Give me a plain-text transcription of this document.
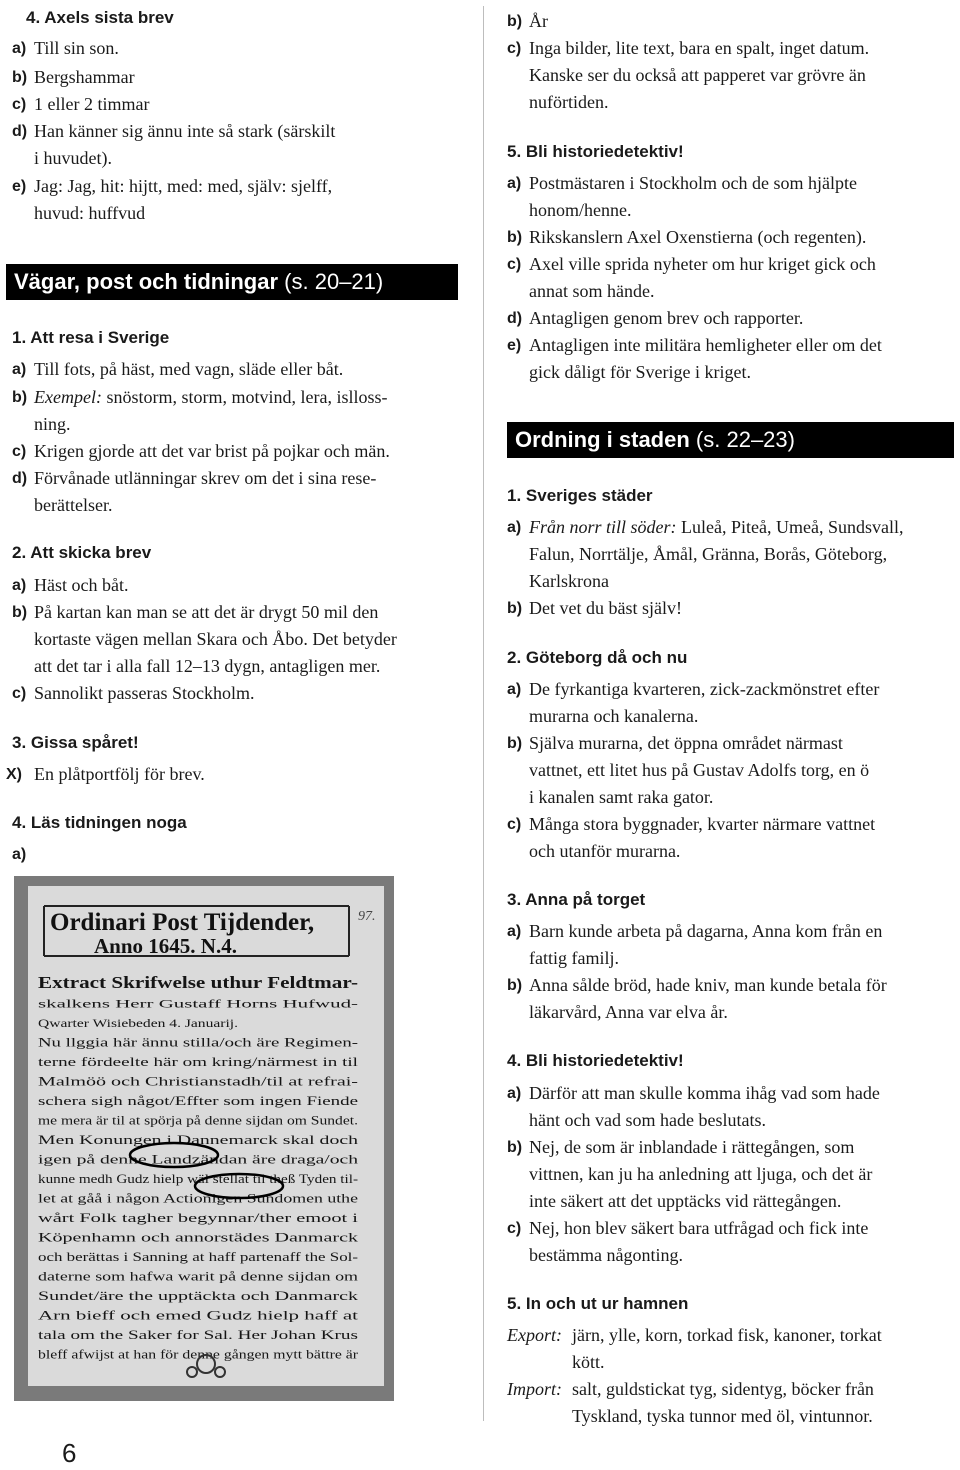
4. Axels sista brev
a) Till sin son.
b) Bergshammar
c) 1 eller 2 timmar
d) Han känner sig ännu inte så stark (särskilt
i huvudet).
e) Jag: Jag, hit: hijtt, med: med, själv: sjelff,
huvud: huffvud
Vägar, post och tidningar (s. 20–21)
1. Att resa i Sverige
a) Till fots, på häst, med vagn, släde eller båt.
b) Exempel: snöstorm, storm, motvind, lera, islloss-
ning.
c) Krigen gjorde att det var brist på pojkar och män.
d) Förvånade utlänningar skrev om det i sina rese-
berättelser.
2. Att skicka brev
a) Häst och båt.
b) På kartan kan man se att det är drygt 50 mil den
kortaste vägen mellan Skara och Åbo. Det betyder
att det tar i alla fall 12–13 dygn, antagligen mer.
c) Sannolikt passeras Stockholm.
3. Gissa spåret!
X) En plåtportfölj för brev.
4. Läs tidningen noga
a)
Ordinari Post Tijdender,
Anno 1645. N.4.
97.
Extract Skrifwelse uthur Feldtmar-
skalkens Herr Gustaff Horns Hufwud-
Qwarter Wisiebeden 4. Januarij.
Nu llggia här ännu stilla/och äre Regimen-
terne fördeelte här om kring/närmest in til
Malmöö och Christianstadh/til at refrai-
schera sigh något/Effter som ingen Fiende
me mera är til at spörja på denne sijdan om Sundet.
Men Konungen i Dannemarck skal doch
igen på denne Landzändan äre draga/och
kunne medh Gudz hielp wäl stellat til theß Tyden til-
let at gåå i någon Actionigen Sundomen uthe
wårt Folk tagher begynnar/ther emoot i
Köpenhamn och annorstädes Danmarck
och berättas i Sanning at haff partenaff the Sol-
daterne som hafwa warit på denne sijdan om
Sundet/äre the upptäckta och Danmarck
Arn bieff och emed Gudz hielp haff at
tala om the Saker for Sal. Her Johan Krus
bleff afwijst at han för denne gången mytt bättre är
6
b) År
c) Inga bilder, lite text, bara en spalt, inget datum.
Kanske ser du också att papperet var grövre än
nuförtiden.
5. Bli historiedetektiv!
a) Postmästaren i Stockholm och de som hjälpte
honom/henne.
b) Rikskanslern Axel Oxenstierna (och regenten).
c) Axel ville sprida nyheter om hur kriget gick och
annat som hände.
d) Antagligen genom brev och rapporter.
e) Antagligen inte militära hemligheter eller om det
gick dåligt för Sverige i kriget.
Ordning i staden (s. 22–23)
1. Sveriges städer
a) Från norr till söder: Luleå, Piteå, Umeå, Sundsvall,
Falun, Norrtälje, Åmål, Gränna, Borås, Göteborg,
Karlskrona
b) Det vet du bäst själv!
2. Göteborg då och nu
a) De fyrkantiga kvarteren, zick-zackmönstret efter
murarna och kanalerna.
b) Själva murarna, det öppna området närmast
vattnet, ett litet hus på Gustav Adolfs torg, en ö
i kanalen samt raka gator.
c) Många stora byggnader, kvarter närmare vattnet
och utanför murarna.
3. Anna på torget
a) Barn kunde arbeta på dagarna, Anna kom från en
fattig familj.
b) Anna sålde bröd, hade kniv, man kunde betala för
läkarvård, Anna var elva år.
4. Bli historiedetektiv!
a) Därför att man skulle komma ihåg vad som hade
hänt och vad som hade beslutats.
b) Nej, de som är inblandade i rättegången, som
vittnen, kan ju ha anledning att ljuga, och det är
inte säkert att det upptäcks vid rättegången.
c) Nej, hon blev säkert bara utfrågad och fick inte
bestämma någonting.
5. In och ut ur hamnen
Export: järn, ylle, korn, torkad fisk, kanoner, torkat
kött.
Import: salt, guldstickat tyg, sidentyg, böcker från
Tyskland, tyska tunnor med öl, vintunnor.
